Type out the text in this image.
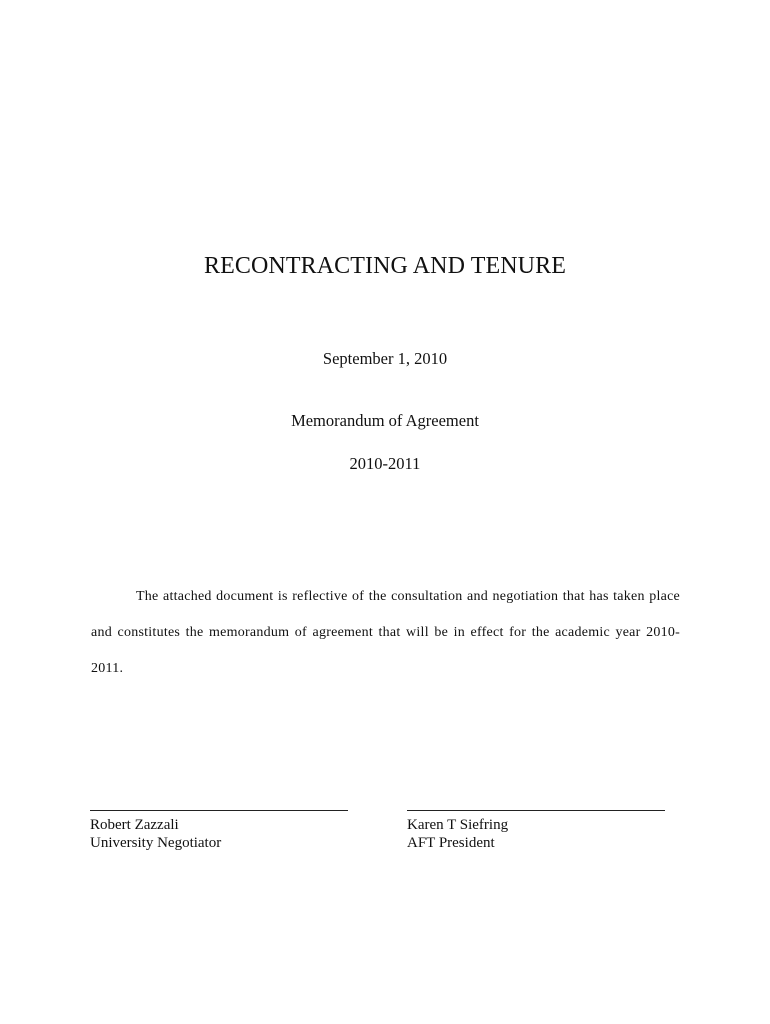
RECONTRACTING AND TENURE
September 1, 2010
Memorandum of Agreement
2010-2011
The attached document is reflective of the consultation and negotiation that has taken place and constitutes the memorandum of agreement that will be in effect for the academic year 2010-2011.
Robert Zazzali
University Negotiator
Karen T Siefring
AFT President
